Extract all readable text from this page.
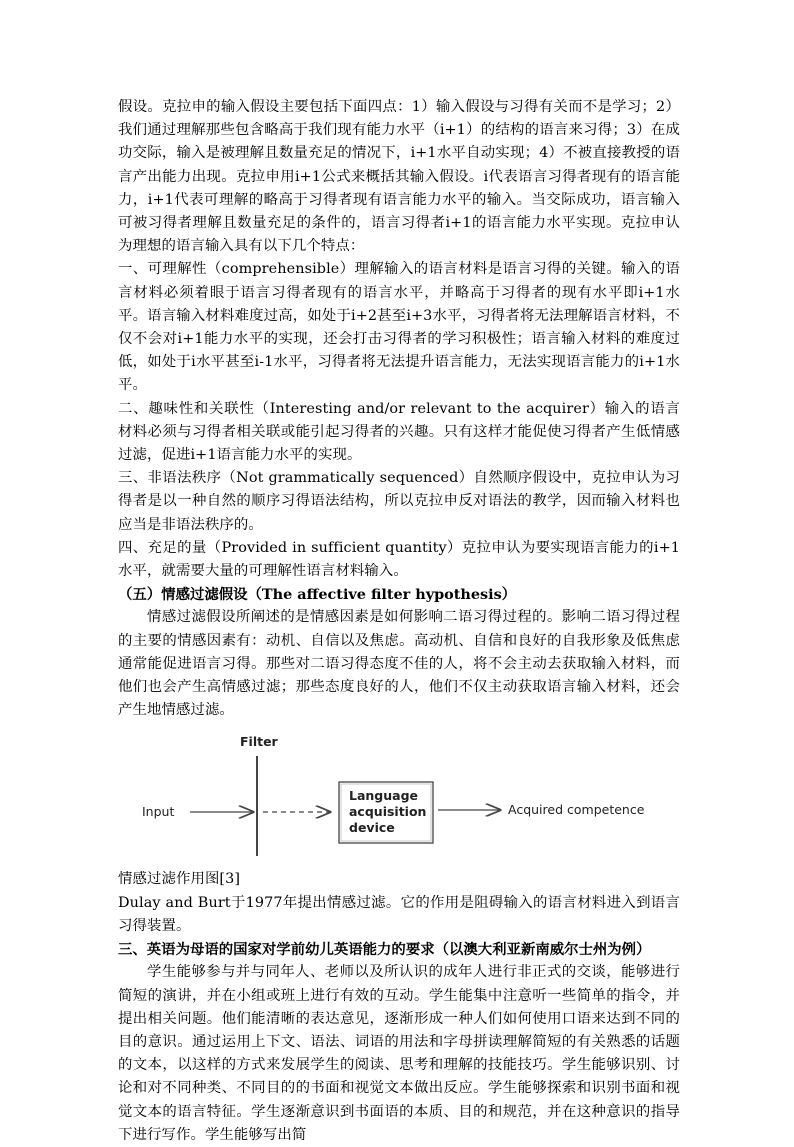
假设。克拉申的输入假设主要包括下面四点：1）输入假设与习得有关而不是学习；2）我们通过理解那些包含略高于我们现有能力水平（i+1）的结构的语言来习得；3）在成功交际，输入是被理解且数量充足的情况下，i+1水平自动实现；4）不被直接教授的语言产出能力出现。克拉申用i+1公式来概括其输入假设。i代表语言习得者现有的语言能力，i+1代表可理解的略高于习得者现有语言能力水平的输入。当交际成功，语言输入可被习得者理解且数量充足的条件的，语言习得者i+1的语言能力水平实现。克拉申认为理想的语言输入具有以下几个特点：

一、可理解性（comprehensible）理解输入的语言材料是语言习得的关键。输入的语言材料必须着眼于语言习得者现有的语言水平，并略高于习得者的现有水平即i+1水平。语言输入材料难度过高，如处于i+2甚至i+3水平，习得者将无法理解语言材料，不仅不会对i+1能力水平的实现，还会打击习得者的学习积极性；语言输入材料的难度过低，如处于i水平甚至i-1水平，习得者将无法提升语言能力，无法实现语言能力的i+1水平。

二、趣味性和关联性（Interesting and/or relevant to the acquirer）输入的语言材料必须与习得者相关联或能引起习得者的兴趣。只有这样才能促使习得者产生低情感过滤，促进i+1语言能力水平的实现。

三、非语法秩序（Not grammatically sequenced）自然顺序假设中，克拉申认为习得者是以一种自然的顺序习得语法结构，所以克拉申反对语法的教学，因而输入材料也应当是非语法秩序的。

四、充足的量（Provided in sufficient quantity）克拉申认为要实现语言能力的i+1水平，就需要大量的可理解性语言材料输入。

（五）情感过滤假设（The affective filter hypothesis）

情感过滤假设所阐述的是情感因素是如何影响二语习得过程的。影响二语习得过程的主要的情感因素有：动机、自信以及焦虑。高动机、自信和良好的自我形象及低焦虑通常能促进语言习得。那些对二语习得态度不佳的人，将不会主动去获取输入材料，而他们也会产生高情感过滤；那些态度良好的人，他们不仅主动获取语言输入材料，还会产生地情感过滤。

Filter
Input
Language
acquisition
device
Acquired competence

情感过滤作用图[3]

Dulay and Burt于1977年提出情感过滤。它的作用是阻碍输入的语言材料进入到语言习得装置。

三、英语为母语的国家对学前幼儿英语能力的要求（以澳大利亚新南威尔士州为例）

学生能够参与并与同年人、老师以及所认识的成年人进行非正式的交谈，能够进行简短的演讲，并在小组或班上进行有效的互动。学生能集中注意听一些简单的指令，并提出相关问题。他们能清晰的表达意见，逐渐形成一种人们如何使用口语来达到不同的目的意识。通过运用上下文、语法、词语的用法和字母拼读理解简短的有关熟悉的话题的文本，以这样的方式来发展学生的阅读、思考和理解的技能技巧。学生能够识别、讨论和对不同种类、不同目的的书面和视觉文本做出反应。学生能够探索和识别书面和视觉文本的语言特征。学生逐渐意识到书面语的本质、目的和规范，并在这种意识的指导下进行写作。学生能够写出简
